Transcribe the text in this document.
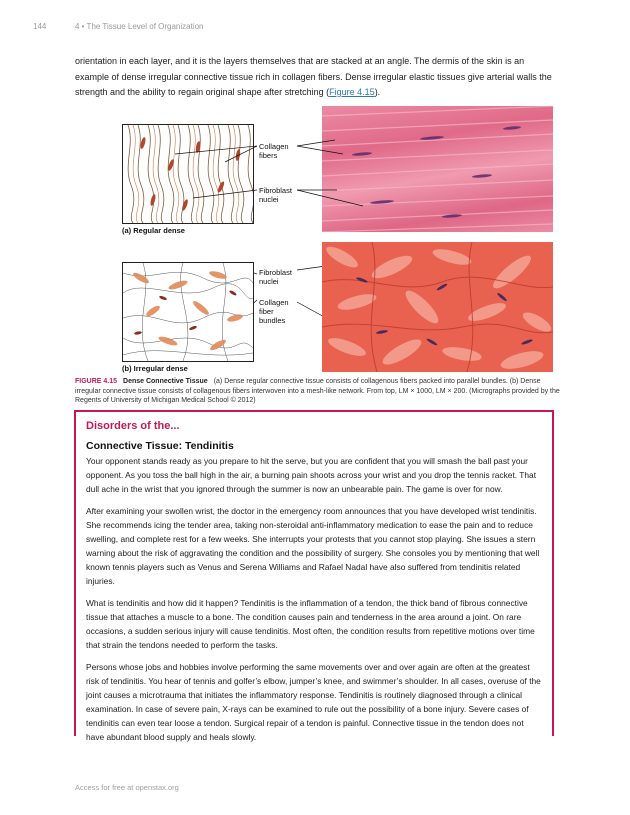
144	4 • The Tissue Level of Organization
orientation in each layer, and it is the layers themselves that are stacked at an angle. The dermis of the skin is an example of dense irregular connective tissue rich in collagen fibers. Dense irregular elastic tissues give arterial walls the strength and the ability to regain original shape after stretching (Figure 4.15).
(a) Regular dense
Collagen
fibers
Fibroblast
nuclei
(b) Irregular dense
Fibroblast
nuclei
Collagen
fiber
bundles
FIGURE 4.15 Dense Connective Tissue (a) Dense regular connective tissue consists of collagenous fibers packed into parallel bundles. (b) Dense irregular connective tissue consists of collagenous fibers interwoven into a mesh-like network. From top, LM × 1000, LM × 200. (Micrographs provided by the Regents of University of Michigan Medical School © 2012)
Disorders of the...
Connective Tissue: Tendinitis

Your opponent stands ready as you prepare to hit the serve, but you are confident that you will smash the ball past your opponent. As you toss the ball high in the air, a burning pain shoots across your wrist and you drop the tennis racket. That dull ache in the wrist that you ignored through the summer is now an unbearable pain. The game is over for now.

After examining your swollen wrist, the doctor in the emergency room announces that you have developed wrist tendinitis. She recommends icing the tender area, taking non-steroidal anti-inflammatory medication to ease the pain and to reduce swelling, and complete rest for a few weeks. She interrupts your protests that you cannot stop playing. She issues a stern warning about the risk of aggravating the condition and the possibility of surgery. She consoles you by mentioning that well known tennis players such as Venus and Serena Williams and Rafael Nadal have also suffered from tendinitis related injuries.

What is tendinitis and how did it happen? Tendinitis is the inflammation of a tendon, the thick band of fibrous connective tissue that attaches a muscle to a bone. The condition causes pain and tenderness in the area around a joint. On rare occasions, a sudden serious injury will cause tendinitis. Most often, the condition results from repetitive motions over time that strain the tendons needed to perform the tasks.

Persons whose jobs and hobbies involve performing the same movements over and over again are often at the greatest risk of tendinitis. You hear of tennis and golfer’s elbow, jumper’s knee, and swimmer’s shoulder. In all cases, overuse of the joint causes a microtrauma that initiates the inflammatory response. Tendinitis is routinely diagnosed through a clinical examination. In case of severe pain, X-rays can be examined to rule out the possibility of a bone injury. Severe cases of tendinitis can even tear loose a tendon. Surgical repair of a tendon is painful. Connective tissue in the tendon does not have abundant blood supply and heals slowly.

Access for free at openstax.org
